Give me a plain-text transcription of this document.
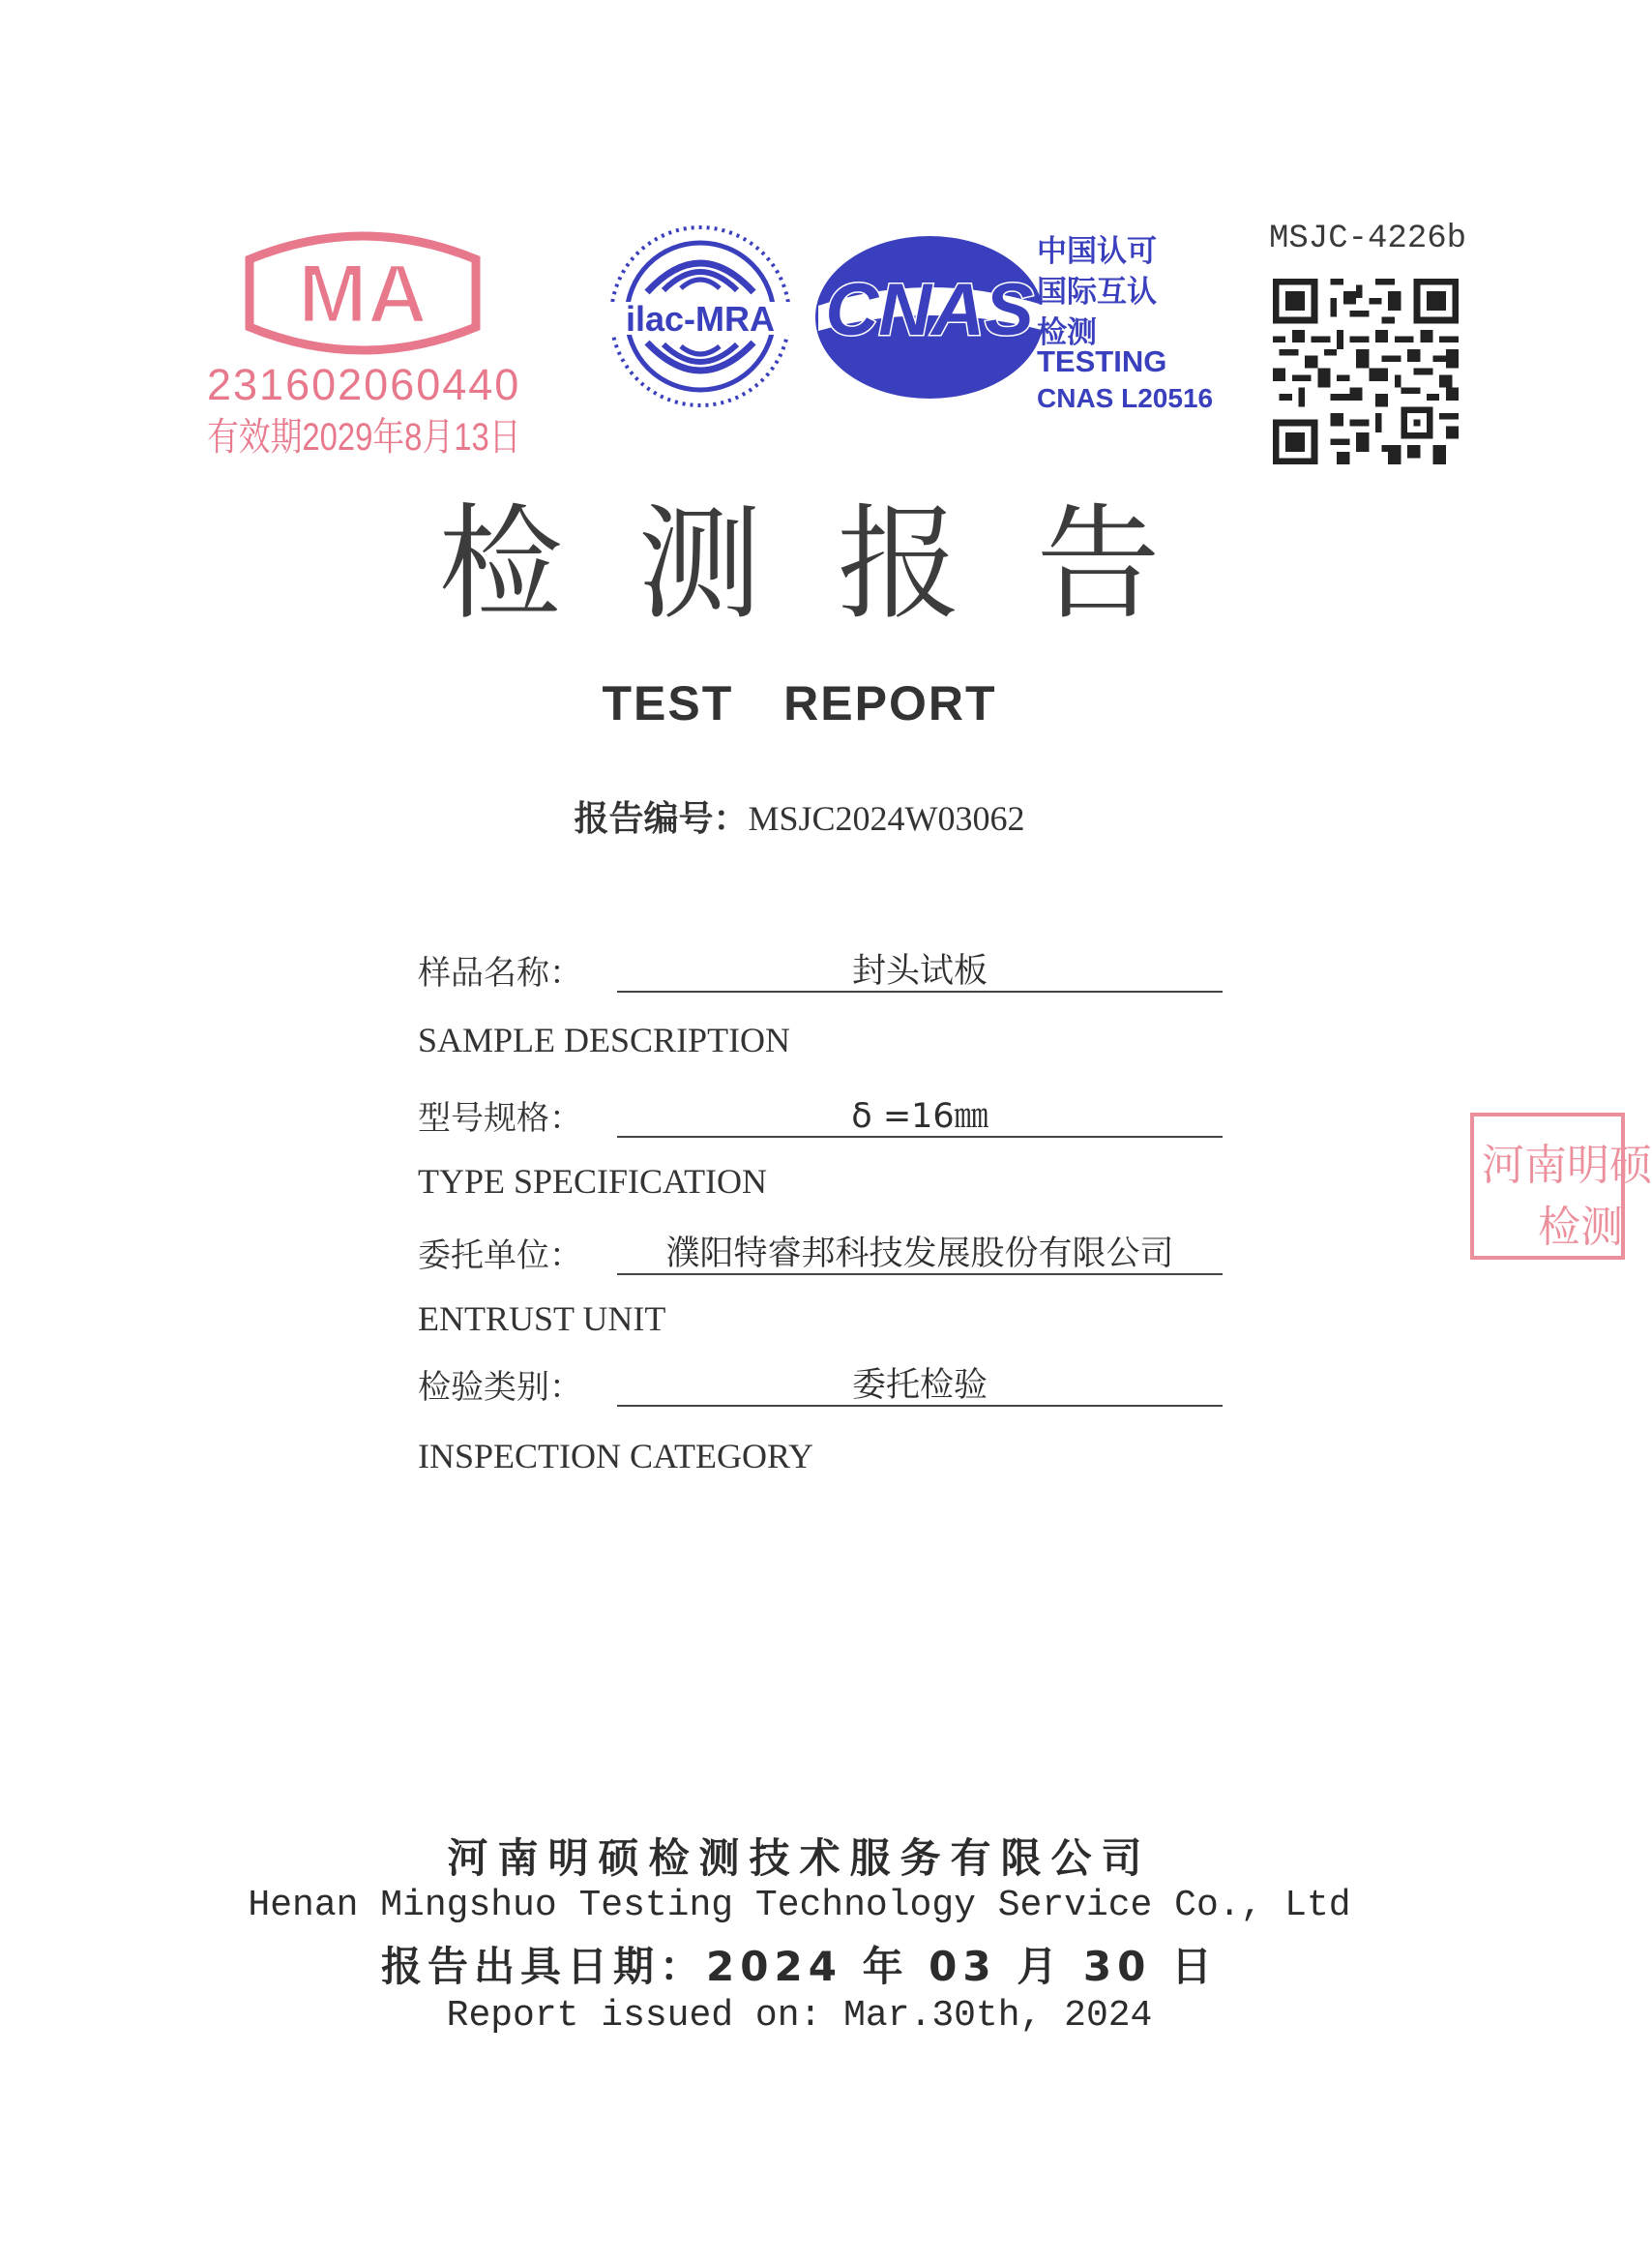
MA
231602060440
有效期2029年8月13日
ilac-MRA CNAS
中国认可
国际互认
检测
TESTING
CNAS L20516
MSJC-4226b
检测报告
TEST REPORT
报告编号：MSJC2024W03062
样品名称：	封头试板
SAMPLE DESCRIPTION
型号规格：	δ =16㎜
TYPE SPECIFICATION
委托单位：	濮阳特睿邦科技发展股份有限公司
ENTRUST UNIT
检验类别：	委托检验
INSPECTION CATEGORY
河南明硕
检测
河南明硕检测技术服务有限公司
Henan Mingshuo Testing Technology Service Co., Ltd
报告出具日期：2024 年 03 月 30 日
Report issued on: Mar.30th, 2024
